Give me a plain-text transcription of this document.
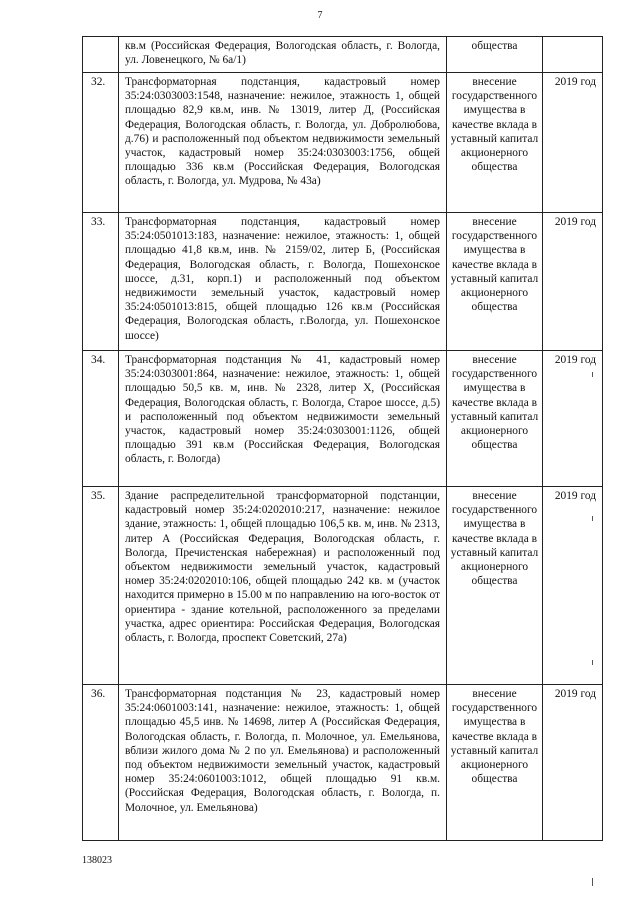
7
	кв.м (Российская Федерация, Вологодская область, г. Вологда, ул. Ловенецкого, № 6а/1)	общества	
32.	Трансформаторная подстанция, кадастровый номер 35:24:0303003:1548, назначение: нежилое, этажность 1, общей площадью 82,9 кв.м, инв. № 13019, литер Д, (Российская Федерация, Вологодская область, г. Вологда, ул. Добролюбова, д.76) и расположенный под объектом недвижимости земельный участок, кадастровый номер 35:24:0303003:1756, общей площадью 336 кв.м (Российская Федерация, Вологодская область, г. Вологда, ул. Мудрова, № 43а)	внесение государственного имущества в качестве вклада в уставный капитал акционерного общества	2019 год
33.	Трансформаторная подстанция, кадастровый номер 35:24:0501013:183, назначение: нежилое, этажность: 1, общей площадью 41,8 кв.м, инв. № 2159/02, литер Б, (Российская Федерация, Вологодская область, г. Вологда, Пошехонское шоссе, д.31, корп.1) и расположенный под объектом недвижимости земельный участок, кадастровый номер 35:24:0501013:815, общей площадью 126 кв.м (Российская Федерация, Вологодская область, г.Вологда, ул. Пошехонское шоссе)	внесение государственного имущества в качестве вклада в уставный капитал акционерного общества	2019 год
34.	Трансформаторная подстанция № 41, кадастровый номер 35:24:0303001:864, назначение: нежилое, этажность: 1, общей площадью 50,5 кв. м, инв. № 2328, литер Х, (Российская Федерация, Вологодская область, г. Вологда, Старое шоссе, д.5) и расположенный под объектом недвижимости земельный участок, кадастровый номер 35:24:0303001:1126, общей площадью 391 кв.м (Российская Федерация, Вологодская область, г. Вологда)	внесение государственного имущества в качестве вклада в уставный капитал акционерного общества	2019 год
35.	Здание распределительной трансформаторной подстанции, кадастровый номер 35:24:0202010:217, назначение: нежилое здание, этажность: 1, общей площадью 106,5 кв. м, инв. № 2313, литер А (Российская Федерация, Вологодская область, г. Вологда, Пречистенская набережная) и расположенный под объектом недвижимости земельный участок, кадастровый номер 35:24:0202010:106, общей площадью 242 кв. м (участок находится примерно в 15.00 м по направлению на юго-восток от ориентира - здание котельной, расположенного за пределами участка, адрес ориентира: Российская Федерация, Вологодская область, г. Вологда, проспект Советский, 27а)	внесение государственного имущества в качестве вклада в уставный капитал акционерного общества	2019 год
36.	Трансформаторная подстанция № 23, кадастровый номер 35:24:0601003:141, назначение: нежилое, этажность: 1, общей площадью 45,5 инв. № 14698, литер А (Российская Федерация, Вологодская область, г. Вологда, п. Молочное, ул. Емельянова, вблизи жилого дома № 2 по ул. Емельянова) и расположенный под объектом недвижимости земельный участок, кадастровый номер 35:24:0601003:1012, общей площадью 91 кв.м. (Российская Федерация, Вологодская область, г. Вологда, п. Молочное, ул. Емельянова)	внесение государственного имущества в качестве вклада в уставный капитал акционерного общества	2019 год
138023
